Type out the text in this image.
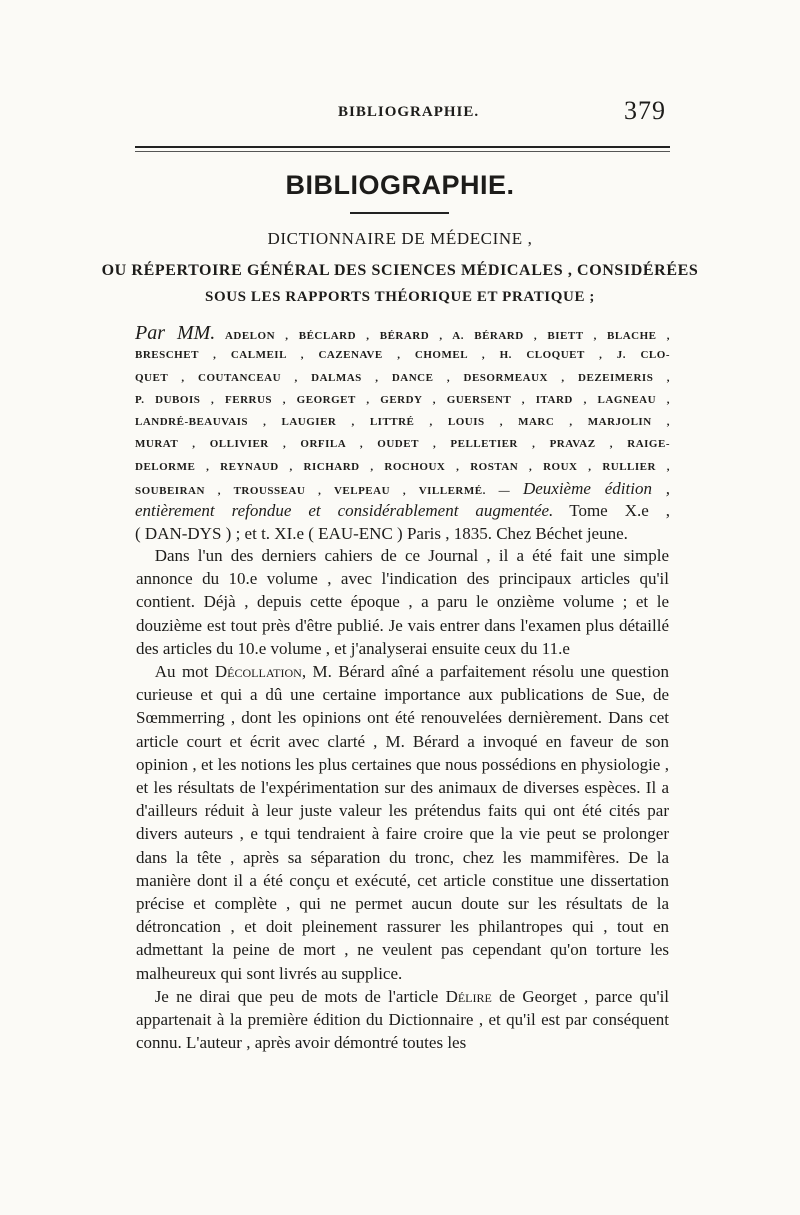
BIBLIOGRAPHIE.	379
BIBLIOGRAPHIE.
DICTIONNAIRE DE MÉDECINE ,
OU RÉPERTOIRE GÉNÉRAL DES SCIENCES MÉDICALES , CONSIDÉRÉES
SOUS LES RAPPORTS THÉORIQUE ET PRATIQUE ;
Par MM. ADELON , BÉCLARD , BÉRARD , A. BÉRARD , BIETT , BLACHE ,
BRESCHET , CALMEIL , CAZENAVE , CHOMEL , H. CLOQUET , J. CLO-
QUET , COUTANCEAU , DALMAS , DANCE , DESORMEAUX , DEZEIMERIS ,
P. DUBOIS , FERRUS , GEORGET , GERDY , GUERSENT , ITARD , LAGNEAU ,
LANDRÉ-BEAUVAIS , LAUGIER , LITTRÉ , LOUIS , MARC , MARJOLIN ,
MURAT , OLLIVIER , ORFILA , OUDET , PELLETIER , PRAVAZ , RAIGE-
DELORME , REYNAUD , RICHARD , ROCHOUX , ROSTAN , ROUX , RULLIER ,
SOUBEIRAN , TROUSSEAU , VELPEAU , VILLERMÉ. — Deuxième édition ,
entièrement refondue et considérablement augmentée. Tome X.e ,
( DAN-DYS ) ; et t. XI.e ( EAU-ENC ) Paris , 1835. Chez Béchet jeune.

Dans l'un des derniers cahiers de ce Journal , il a été fait une simple annonce du 10.e volume , avec l'indication des principaux articles qu'il contient. Déjà , depuis cette époque , a paru le onzième volume ; et le douzième est tout près d'être publié. Je vais entrer dans l'examen plus détaillé des articles du 10.e volume , et j'analyserai ensuite ceux du 11.e

Au mot Décollation, M. Bérard aîné a parfaitement résolu une question curieuse et qui a dû une certaine importance aux publications de Sue, de Sœmmerring , dont les opinions ont été renouvelées dernièrement. Dans cet article court et écrit avec clarté , M. Bérard a invoqué en faveur de son opinion , et les notions les plus certaines que nous possédions en physiologie , et les résultats de l'expérimentation sur des animaux de diverses espèces. Il a d'ailleurs réduit à leur juste valeur les prétendus faits qui ont été cités par divers auteurs , e tqui tendraient à faire croire que la vie peut se prolonger dans la tête , après sa séparation du tronc, chez les mammifères. De la manière dont il a été conçu et exécuté, cet article constitue une dissertation précise et complète , qui ne permet aucun doute sur les résultats de la détroncation , et doit pleinement rassurer les philantropes qui , tout en admettant la peine de mort , ne veulent pas cependant qu'on torture les malheureux qui sont livrés au supplice.

Je ne dirai que peu de mots de l'article Délire de Georget , parce qu'il appartenait à la première édition du Dictionnaire , et qu'il est par conséquent connu. L'auteur , après avoir démontré toutes les
